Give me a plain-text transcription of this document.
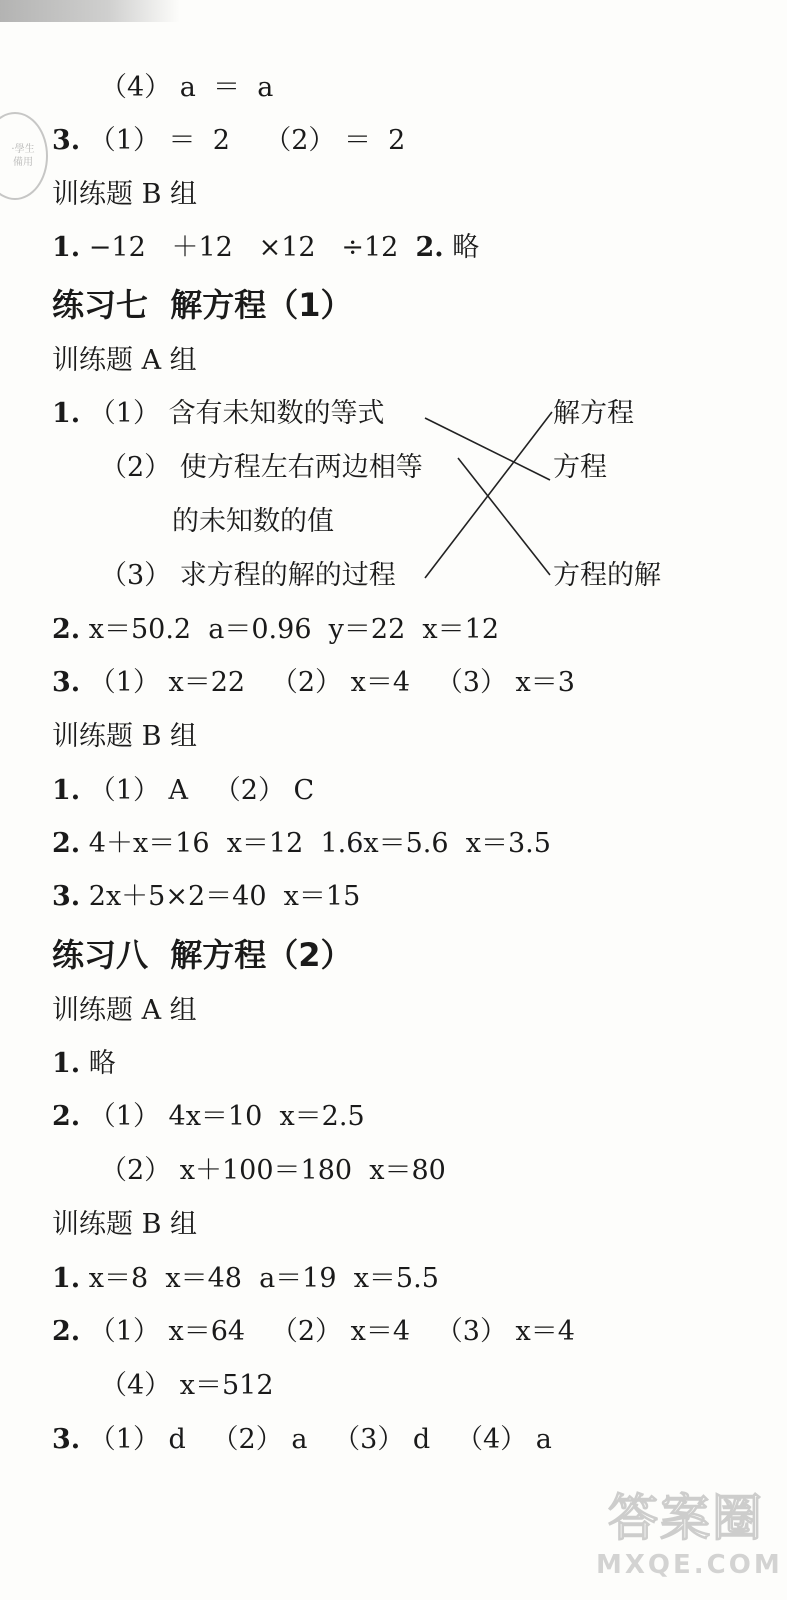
·學生
備用
（4） a  ＝  a
3. （1） ＝  2    （2） ＝  2
训练题 B 组
1. −12   ＋12   ×12   ÷12  2. 略
练习七  解方程（1）
训练题 A 组
1. （1） 含有未知数的等式
（2） 使方程左右两边相等
的未知数的值
（3） 求方程的解的过程
解方程
方程
方程的解
2. x＝50.2  a＝0.96  y＝22  x＝12
3. （1） x＝22   （2） x＝4   （3） x＝3
训练题 B 组
1. （1） A   （2） C
2. 4＋x＝16  x＝12  1.6x＝5.6  x＝3.5
3. 2x＋5×2＝40  x＝15
练习八  解方程（2）
训练题 A 组
1. 略
2. （1） 4x＝10  x＝2.5
（2） x＋100＝180  x＝80
训练题 B 组
1. x＝8  x＝48  a＝19  x＝5.5
2. （1） x＝64   （2） x＝4   （3） x＝4
（4） x＝512
3. （1） d   （2） a   （3） d   （4） a
答案圈
MXQE.COM
